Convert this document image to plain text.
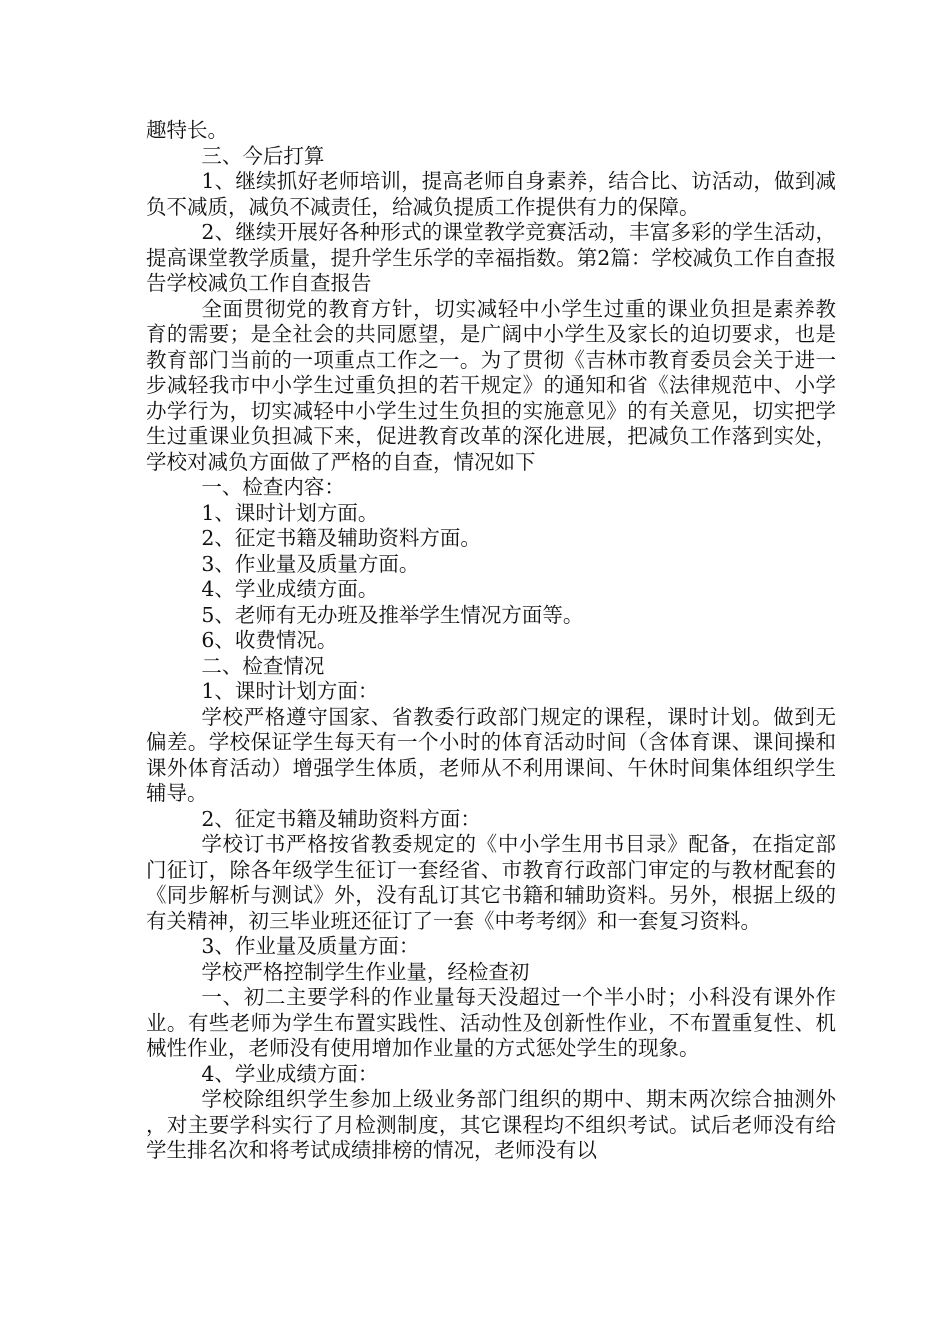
趣特长。

三、今后打算

1、继续抓好老师培训，提高老师自身素养，结合比、访活动，做到减负不减质，减负不减责任，给减负提质工作提供有力的保障。

2、继续开展好各种形式的课堂教学竞赛活动，丰富多彩的学生活动，提高课堂教学质量，提升学生乐学的幸福指数。第2篇：学校减负工作自查报告学校减负工作自查报告

全面贯彻党的教育方针，切实减轻中小学生过重的课业负担是素养教育的需要；是全社会的共同愿望，是广阔中小学生及家长的迫切要求，也是教育部门当前的一项重点工作之一。为了贯彻《吉林市教育委员会关于进一步减轻我市中小学生过重负担的若干规定》的通知和省《法律规范中、小学办学行为，切实减轻中小学生过生负担的实施意见》的有关意见，切实把学生过重课业负担减下来，促进教育改革的深化进展，把减负工作落到实处，学校对减负方面做了严格的自查，情况如下

一、检查内容：

1、课时计划方面。

2、征定书籍及辅助资料方面。

3、作业量及质量方面。

4、学业成绩方面。

5、老师有无办班及推举学生情况方面等。

6、收费情况。

二、检查情况

1、课时计划方面：

学校严格遵守国家、省教委行政部门规定的课程，课时计划。做到无偏差。学校保证学生每天有一个小时的体育活动时间（含体育课、课间操和课外体育活动）增强学生体质，老师从不利用课间、午休时间集体组织学生辅导。

2、征定书籍及辅助资料方面：

学校订书严格按省教委规定的《中小学生用书目录》配备，在指定部门征订，除各年级学生征订一套经省、市教育行政部门审定的与教材配套的《同步解析与测试》外，没有乱订其它书籍和辅助资料。另外，根据上级的有关精神，初三毕业班还征订了一套《中考考纲》和一套复习资料。

3、作业量及质量方面：

学校严格控制学生作业量，经检查初

一、初二主要学科的作业量每天没超过一个半小时；小科没有课外作业。有些老师为学生布置实践性、活动性及创新性作业，不布置重复性、机械性作业，老师没有使用增加作业量的方式惩处学生的现象。

4、学业成绩方面：

学校除组织学生参加上级业务部门组织的期中、期末两次综合抽测外，对主要学科实行了月检测制度，其它课程均不组织考试。试后老师没有给学生排名次和将考试成绩排榜的情况，老师没有以
